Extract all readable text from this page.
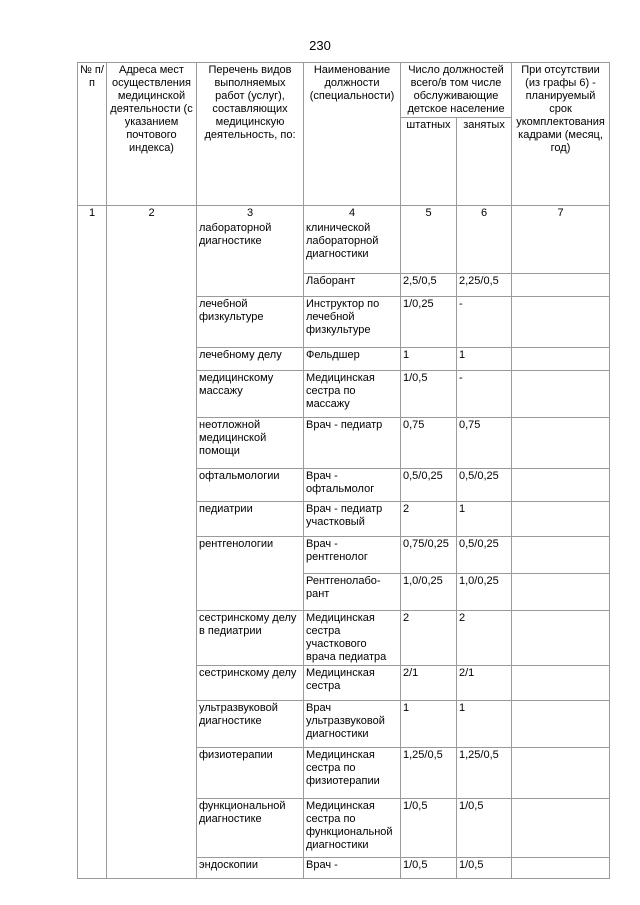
230
№ п/п	Адреса мест осуществления медицинской деятельности (с указанием почтового индекса)	Перечень видов выполняемых работ (услуг), составляющих медицинскую деятельность, по:	Наименование должности (специальности)	Число должностей всего/в том числе обслуживающие детское население		При отсутствии (из графы 6) - планируемый срок укомплектования кадрами (месяц, год)
				штатных	занятых	
1	2	3	4	5	6	7
		лабораторной диагностике	клинической лабораторной диагностики			
			Лаборант	2,5/0,5	2,25/0,5	
		лечебной физкультуре	Инструктор по лечебной физкультуре	1/0,25	-	
		лечебному делу	Фельдшер	1	1	
		медицинскому массажу	Медицинская сестра по массажу	1/0,5	-	
		неотложной медицинской помощи	Врач - педиатр	0,75	0,75	
		офтальмологии	Врач - офтальмолог	0,5/0,25	0,5/0,25	
		педиатрии	Врач - педиатр участковый	2	1	
		рентгенологии	Врач - рентгенолог	0,75/0,25	0,5/0,25	
			Рентгенолабо-рант	1,0/0,25	1,0/0,25	
		сестринскому делу в педиатрии	Медицинская сестра участкового врача педиатра	2	2	
		сестринскому делу	Медицинская сестра	2/1	2/1	
		ультразвуковой диагностике	Врач ультразвуковой диагностики	1	1	
		физиотерапии	Медицинская сестра по физиотерапии	1,25/0,5	1,25/0,5	
		функциональной диагностике	Медицинская сестра по функциональной диагностики	1/0,5	1/0,5	
		эндоскопии	Врач -	1/0,5	1/0,5	
